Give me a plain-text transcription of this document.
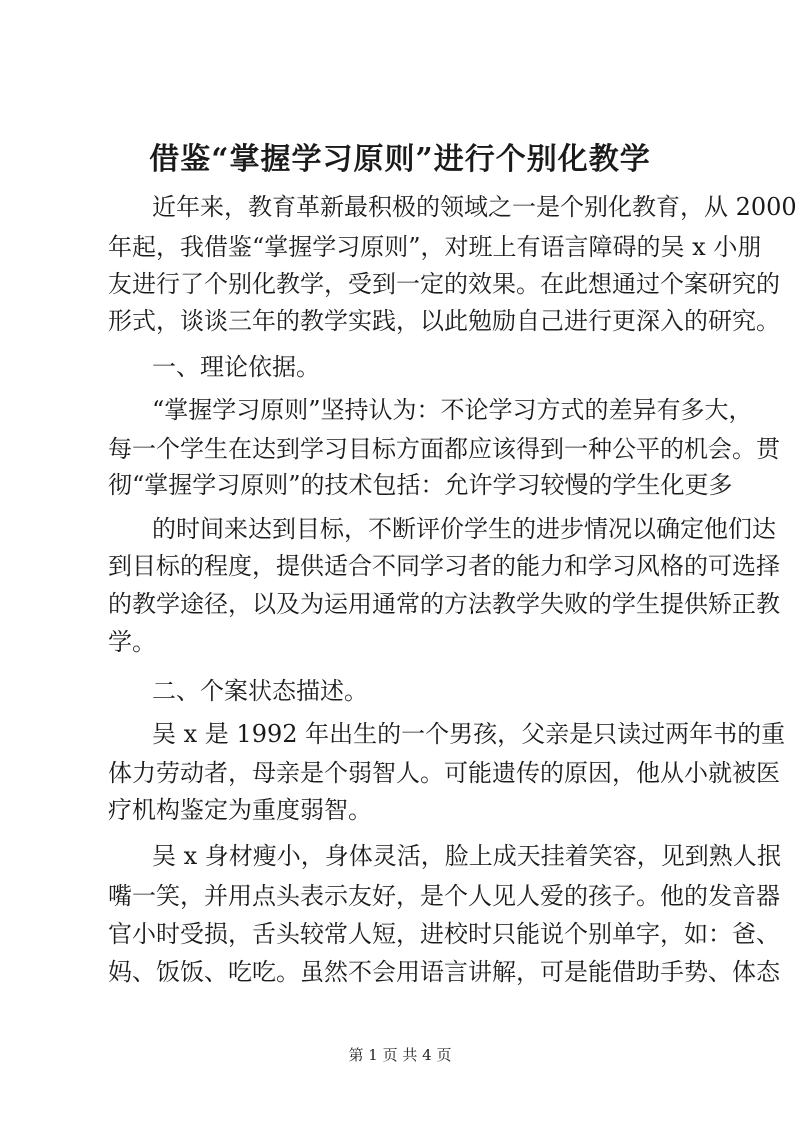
借鉴“掌握学习原则”进行个别化教学

近年来，教育革新最积极的领域之一是个别化教育，从 2000

年起，我借鉴“掌握学习原则”，对班上有语言障碍的吴 x 小朋

友进行了个别化教学，受到一定的效果。在此想通过个案研究的

形式，谈谈三年的教学实践，以此勉励自己进行更深入的研究。

一、理论依据。

“掌握学习原则”坚持认为：不论学习方式的差异有多大，

每一个学生在达到学习目标方面都应该得到一种公平的机会。贯

彻“掌握学习原则”的技术包括：允许学习较慢的学生化更多

的时间来达到目标，不断评价学生的进步情况以确定他们达

到目标的程度，提供适合不同学习者的能力和学习风格的可选择

的教学途径，以及为运用通常的方法教学失败的学生提供矫正教

学。

二、个案状态描述。

吴 x 是 1992 年出生的一个男孩，父亲是只读过两年书的重

体力劳动者，母亲是个弱智人。可能遗传的原因，他从小就被医

疗机构鉴定为重度弱智。

吴 x 身材瘦小，身体灵活，脸上成天挂着笑容，见到熟人抿

嘴一笑，并用点头表示友好，是个人见人爱的孩子。他的发音器

官小时受损，舌头较常人短，进校时只能说个别单字，如：爸、

妈、饭饭、吃吃。虽然不会用语言讲解，可是能借助手势、体态

第 1 页 共 4 页
